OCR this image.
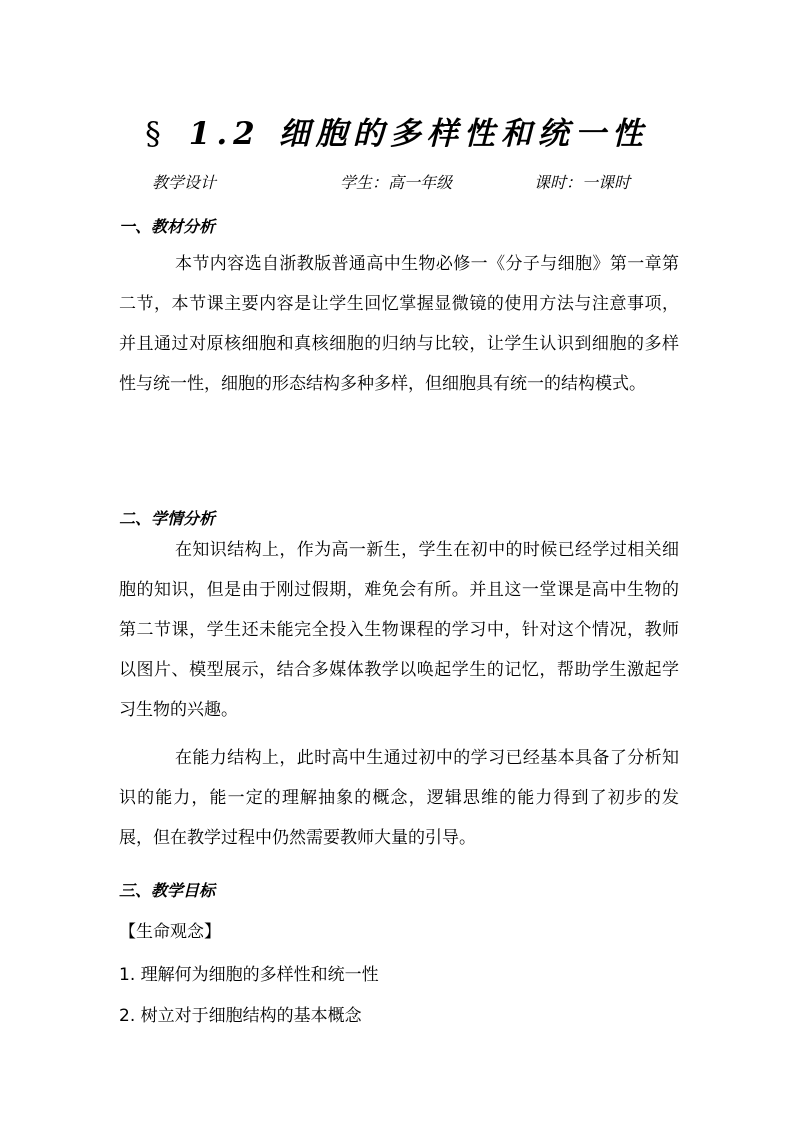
§ 1.2 细胞的多样性和统一性
教学设计	学生：高一年级	课时：一课时
一、教材分析

本节内容选自浙教版普通高中生物必修一《分子与细胞》第一章第二节，本节课主要内容是让学生回忆掌握显微镜的使用方法与注意事项，并且通过对原核细胞和真核细胞的归纳与比较，让学生认识到细胞的多样性与统一性，细胞的形态结构多种多样，但细胞具有统一的结构模式。

二、学情分析

在知识结构上，作为高一新生，学生在初中的时候已经学过相关细胞的知识，但是由于刚过假期，难免会有所。并且这一堂课是高中生物的第二节课，学生还未能完全投入生物课程的学习中，针对这个情况，教师以图片、模型展示，结合多媒体教学以唤起学生的记忆，帮助学生激起学习生物的兴趣。

在能力结构上，此时高中生通过初中的学习已经基本具备了分析知识的能力，能一定的理解抽象的概念，逻辑思维的能力得到了初步的发展，但在教学过程中仍然需要教师大量的引导。

三、教学目标
【生命观念】
1. 理解何为细胞的多样性和统一性
2. 树立对于细胞结构的基本概念
